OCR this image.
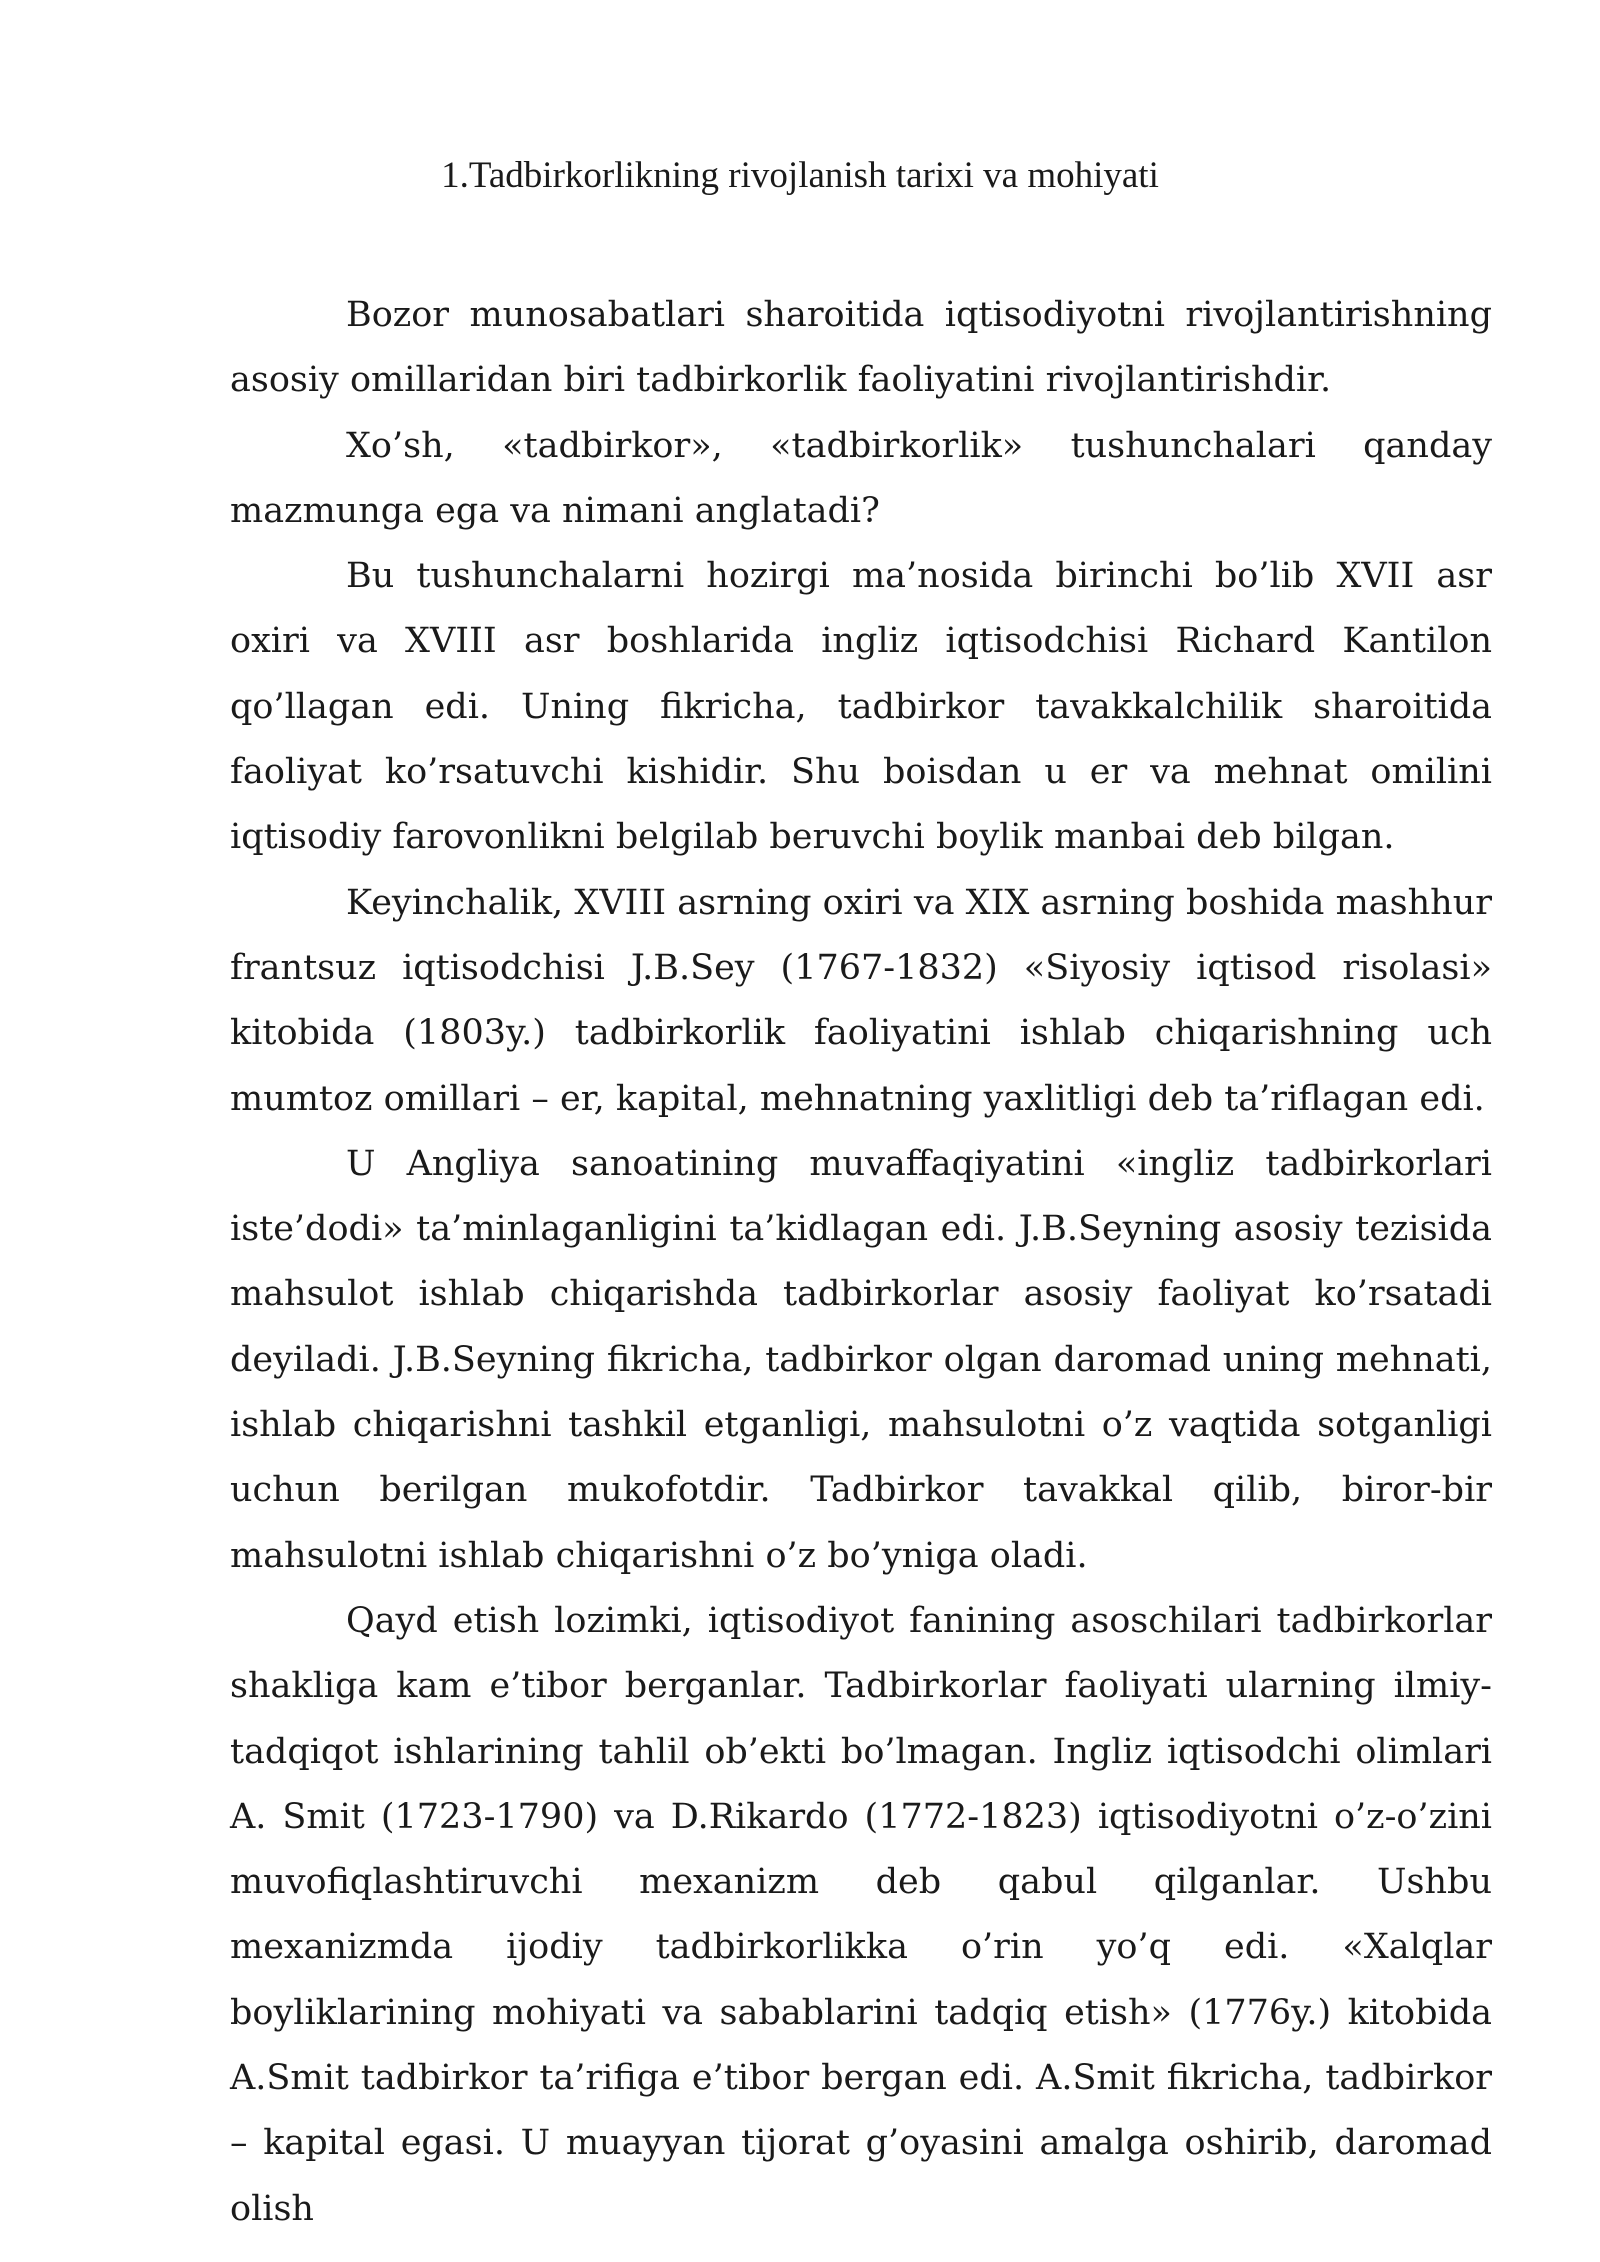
1.Tadbirkorlikning rivojlanish tarixi va mohiyati

Bozor munosabatlari sharoitida iqtisodiyotni rivojlantirishning asosiy omillaridan biri tadbirkorlik faoliyatini rivojlantirishdir.

Xo’sh, «tadbirkor», «tadbirkorlik» tushunchalari qanday mazmunga ega va nimani anglatadi?

Bu tushunchalarni hozirgi ma’nosida birinchi bo’lib XVII asr oxiri va XVIII asr boshlarida ingliz iqtisodchisi Richard Kantilon qo’llagan edi. Uning fikricha, tadbirkor tavakkalchilik sharoitida faoliyat ko’rsatuvchi kishidir. Shu boisdan u er va mehnat omilini iqtisodiy farovonlikni belgilab beruvchi boylik manbai deb bilgan.

Keyinchalik, XVIII asrning oxiri va XIX asrning boshida mashhur frantsuz iqtisodchisi J.B.Sey (1767-1832) «Siyosiy iqtisod risolasi» kitobida (1803y.) tadbirkorlik faoliyatini ishlab chiqarishning uch mumtoz omillari – er, kapital, mehnatning yaxlitligi deb ta’riflagan edi.

U Angliya sanoatining muvaffaqiyatini «ingliz tadbirkorlari iste’dodi» ta’minlaganligini ta’kidlagan edi. J.B.Seyning asosiy tezisida mahsulot ishlab chiqarishda tadbirkorlar asosiy faoliyat ko’rsatadi deyiladi. J.B.Seyning fikricha, tadbirkor olgan daromad uning mehnati, ishlab chiqarishni tashkil etganligi, mahsulotni o’z vaqtida sotganligi uchun berilgan mukofotdir. Tadbirkor tavakkal qilib, biror-bir mahsulotni ishlab chiqarishni o’z bo’yniga oladi.

Qayd etish lozimki, iqtisodiyot fanining asoschilari tadbirkorlar shakliga kam e’tibor berganlar. Tadbirkorlar faoliyati ularning ilmiy-tadqiqot ishlarining tahlil ob’ekti bo’lmagan. Ingliz iqtisodchi olimlari A. Smit (1723-1790) va D.Rikardo (1772-1823) iqtisodiyotni o’z-o’zini muvofiqlashtiruvchi mexanizm deb qabul qilganlar. Ushbu mexanizmda ijodiy tadbirkorlikka o’rin yo’q edi. «Xalqlar boyliklarining mohiyati va sabablarini tadqiq etish» (1776y.) kitobida A.Smit tadbirkor ta’rifiga e’tibor bergan edi. A.Smit fikricha, tadbirkor – kapital egasi. U muayyan tijorat g’oyasini amalga oshirib, daromad olish
